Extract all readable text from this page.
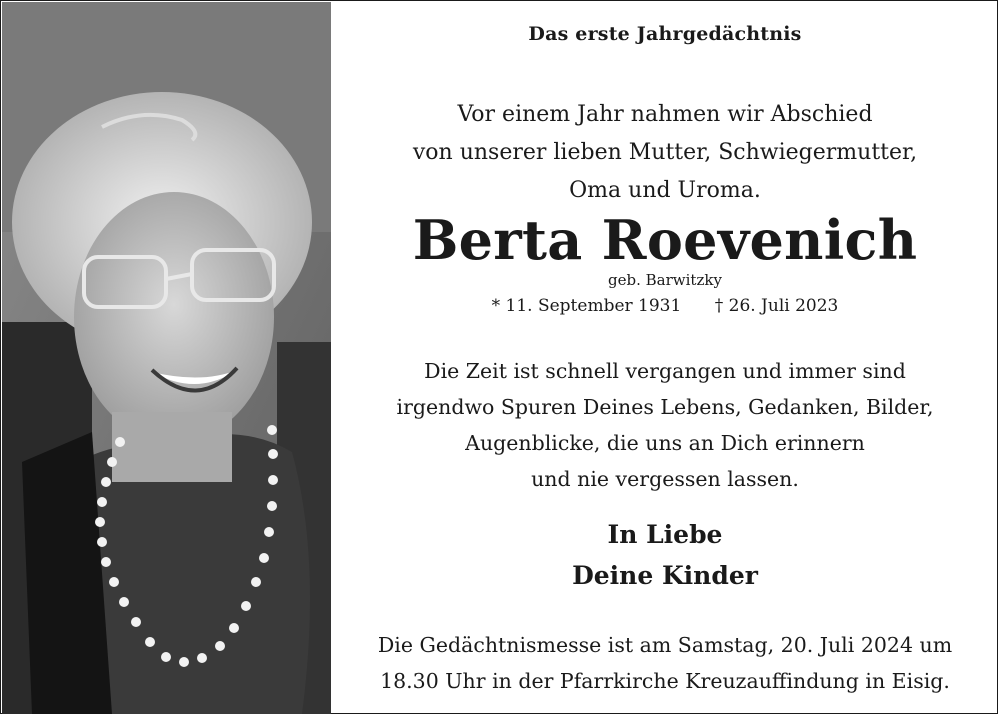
Das erste Jahrgedächtnis
Vor einem Jahr nahmen wir Abschied
von unserer lieben Mutter, Schwiegermutter,
Oma und Uroma.
Berta Roevenich
geb. Barwitzky
* 11. September 1931 † 26. Juli 2023
Die Zeit ist schnell vergangen und immer sind
irgendwo Spuren Deines Lebens, Gedanken, Bilder,
Augenblicke, die uns an Dich erinnern
und nie vergessen lassen.
In Liebe
Deine Kinder
Die Gedächtnismesse ist am Samstag, 20. Juli 2024 um
18.30 Uhr in der Pfarrkirche Kreuzauffindung in Eisig.
